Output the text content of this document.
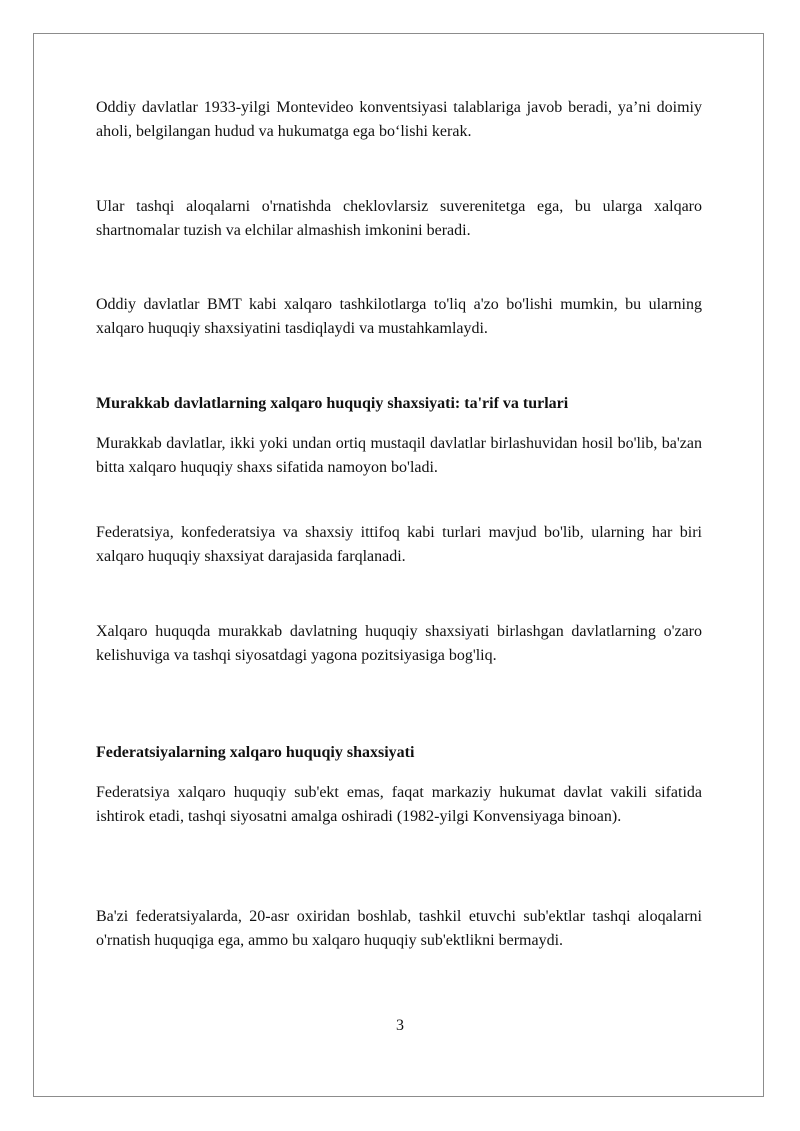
Oddiy davlatlar 1933-yilgi Montevideo konventsiyasi talablariga javob beradi, ya’ni doimiy aholi, belgilangan hudud va hukumatga ega bo‘lishi kerak.

Ular tashqi aloqalarni o'rnatishda cheklovlarsiz suverenitetga ega, bu ularga xalqaro shartnomalar tuzish va elchilar almashish imkonini beradi.

Oddiy davlatlar BMT kabi xalqaro tashkilotlarga to'liq a'zo bo'lishi mumkin, bu ularning xalqaro huquqiy shaxsiyatini tasdiqlaydi va mustahkamlaydi.

Murakkab davlatlarning xalqaro huquqiy shaxsiyati: ta'rif va turlari

Murakkab davlatlar, ikki yoki undan ortiq mustaqil davlatlar birlashuvidan hosil bo'lib, ba'zan bitta xalqaro huquqiy shaxs sifatida namoyon bo'ladi.

Federatsiya, konfederatsiya va shaxsiy ittifoq kabi turlari mavjud bo'lib, ularning har biri xalqaro huquqiy shaxsiyat darajasida farqlanadi.

Xalqaro huquqda murakkab davlatning huquqiy shaxsiyati birlashgan davlatlarning o'zaro kelishuviga va tashqi siyosatdagi yagona pozitsiyasiga bog'liq.

Federatsiyalarning xalqaro huquqiy shaxsiyati

Federatsiya xalqaro huquqiy sub'ekt emas, faqat markaziy hukumat davlat vakili sifatida ishtirok etadi, tashqi siyosatni amalga oshiradi (1982-yilgi Konvensiyaga binoan).

Ba'zi federatsiyalarda, 20-asr oxiridan boshlab, tashkil etuvchi sub'ektlar tashqi aloqalarni o'rnatish huquqiga ega, ammo bu xalqaro huquqiy sub'ektlikni bermaydi.

3
